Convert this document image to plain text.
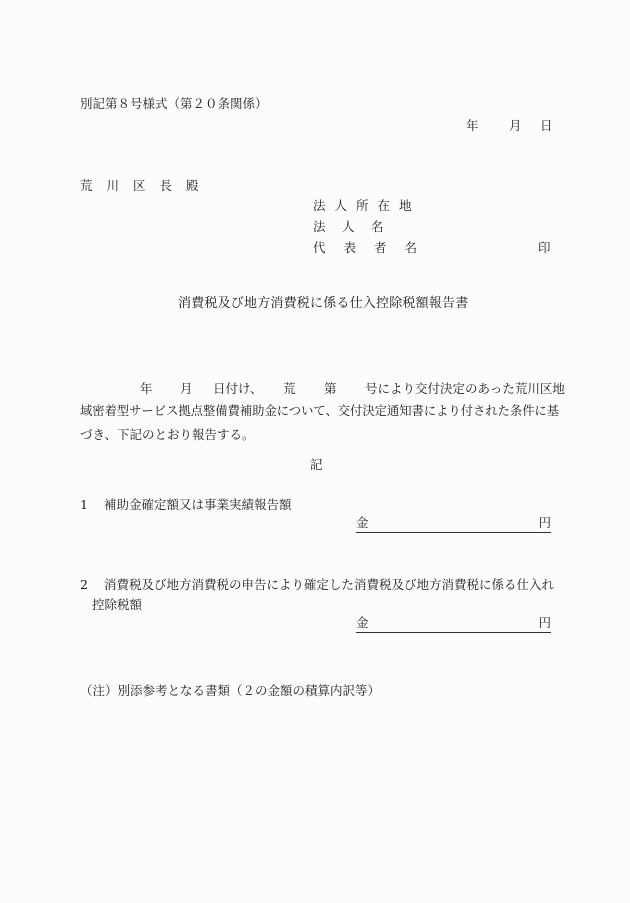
別記第８号様式（第２０条関係）
年 月 日
荒川区長殿
法人所在地
法　人　名
代表者名	印
消費税及び地方消費税に係る仕入控除税額報告書
年 月 日付け、 荒 第 号により交付決定のあった荒川区地
域密着型サービス拠点整備費補助金について、交付決定通知書により付された条件に基
づき、下記のとおり報告する。
記
1 補助金確定額又は事業実績報告額
金	円
2 消費税及び地方消費税の申告により確定した消費税及び地方消費税に係る仕入れ
控除税額
金	円
（注）別添参考となる書類（２の金額の積算内訳等）
